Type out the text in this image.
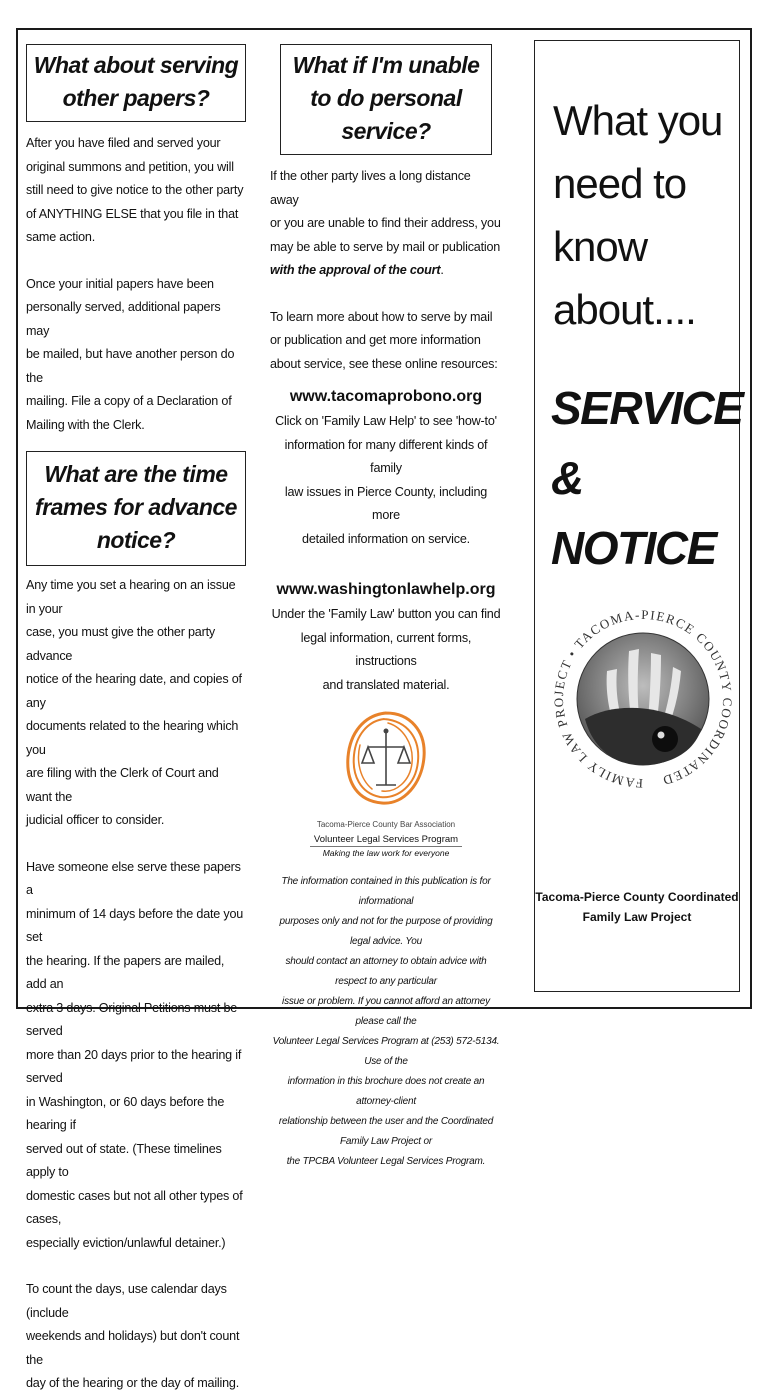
What about serving other papers?

After you have filed and served your
original summons and petition, you will
still need to give notice to the other party
of ANYTHING ELSE that you file in that
same action.

Once your initial papers have been
personally served, additional papers may
be mailed, but have another person do the
mailing. File a copy of a Declaration of
Mailing with the Clerk.

What are the time frames for advance notice?

Any time you set a hearing on an issue in your
case, you must give the other party advance
notice of the hearing date, and copies of any
documents related to the hearing which you
are filing with the Clerk of Court and want the
judicial officer to consider.

Have someone else serve these papers a
minimum of 14 days before the date you set
the hearing. If the papers are mailed, add an
extra 3 days. Original Petitions must be served
more than 20 days prior to the hearing if served
in Washington, or 60 days before the hearing if
served out of state. (These timelines apply to
domestic cases but not all other types of cases,
especially eviction/unlawful detainer.)

To count the days, use calendar days (include
weekends and holidays) but don't count the
day of the hearing or the day of mailing.

What if I'm unable to do personal service?

If the other party lives a long distance away
or you are unable to find their address, you
may be able to serve by mail or publication
with the approval of the court.

To learn more about how to serve by mail
or publication and get more information
about service, see these online resources:

www.tacomaprobono.org

Click on 'Family Law Help' to see 'how-to'
information for many different kinds of family
law issues in Pierce County, including more
detailed information on service.

www.washingtonlawhelp.org

Under the 'Family Law' button you can find
legal information, current forms, instructions
and translated material.

Tacoma-Pierce County Bar Association
Volunteer Legal Services Program
Making the law work for everyone

The information contained in this publication is for informational
purposes only and not for the purpose of providing legal advice. You
should contact an attorney to obtain advice with respect to any particular
issue or problem. If you cannot afford an attorney please call the
Volunteer Legal Services Program at (253) 572-5134. Use of the
information in this brochure does not create an attorney-client
relationship between the user and the Coordinated Family Law Project or
the TPCBA Volunteer Legal Services Program.

What you
need to
know
about....
SERVICE &
NOTICE
FAMILY LAW PROJECT • TACOMA-PIERCE COUNTY COORDINATED
Tacoma-Pierce County Coordinated
Family Law Project
